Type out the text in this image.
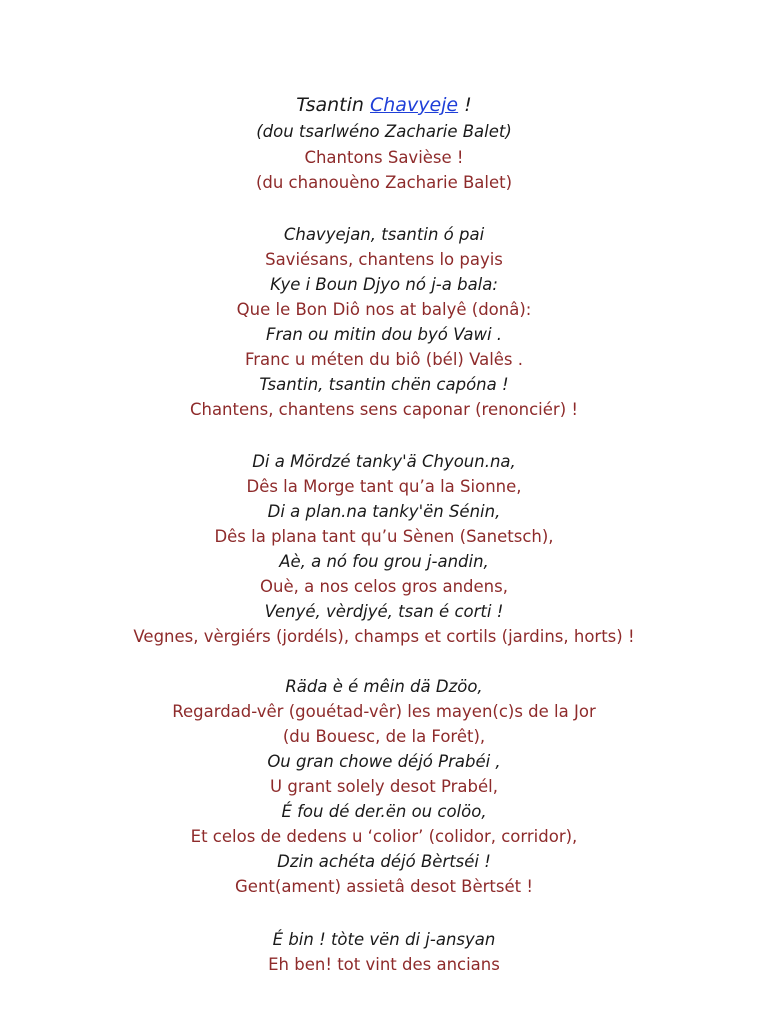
Tsantin Chavyeje !
(dou tsarlwéno Zacharie Balet)
Chantons Savièse !
(du chanouèno Zacharie Balet)
Chavyejan, tsantin ó pai
Saviésans, chantens lo payis
Kye i Boun Djyo nó j-a bala:
Que le Bon Diô nos at balyê (donâ):
Fran ou mitin dou byó Vawi .
Franc u méten du biô (bél) Valês .
Tsantin, tsantin chën capóna !
Chantens, chantens sens caponar (renonciér) !
Di a Mördzé tanky'ä Chyoun.na,
Dês la Morge tant qu’a la Sionne,
Di a plan.na tanky'ën Sénin,
Dês la plana tant qu’u Sènen (Sanetsch),
Aè, a nó fou grou j-andin,
Ouè, a nos celos gros andens,
Venyé, vèrdjyé, tsan é corti !
Vegnes, vèrgiérs (jordéls), champs et cortils (jardins, horts) !
Räda è é mêin dä Dzöo,
Regardad-vêr (gouétad-vêr) les mayen(c)s de la Jor
(du Bouesc, de la Forêt),
Ou gran chowe déjó Prabéi ,
U grant solely desot Prabél,
É fou dé der.ën ou colöo,
Et celos de dedens u ‘colior’ (colidor, corridor),
Dzin achéta déjó Bèrtséi !
Gent(ament) assietâ desot Bèrtsét !
É bin ! tòte vën di j-ansyan
Eh ben! tot vint des ancians
